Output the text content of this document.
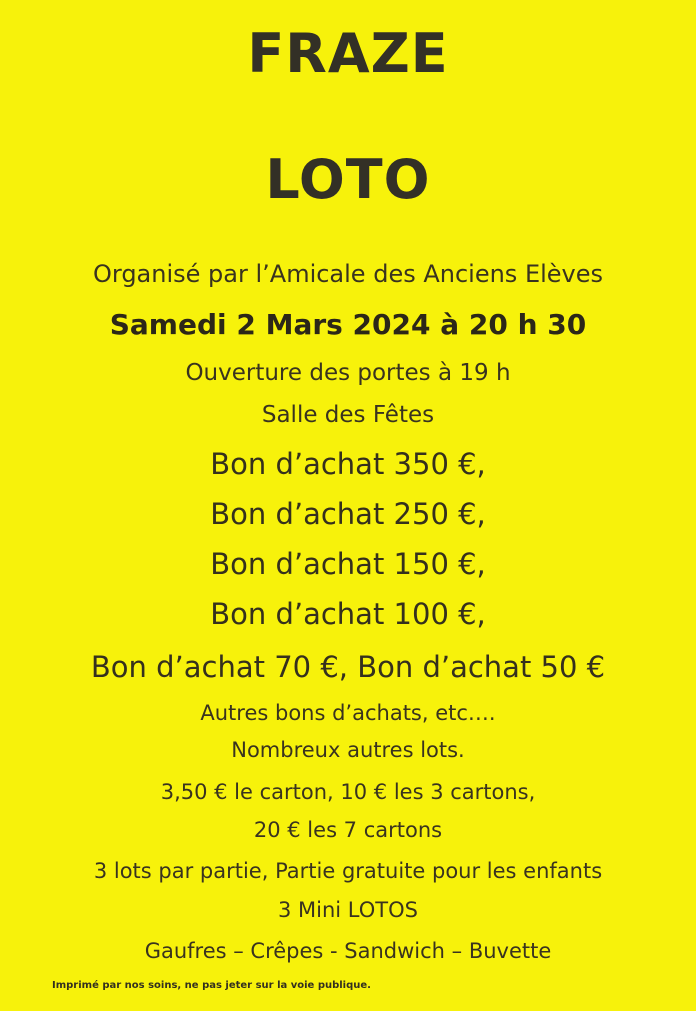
FRAZE
LOTO
Organisé par l’Amicale des Anciens Elèves
Samedi 2 Mars 2024 à 20 h 30
Ouverture des portes à 19 h
Salle des Fêtes
Bon d’achat 350 €,
Bon d’achat 250 €,
Bon d’achat 150 €,
Bon d’achat 100 €,
Bon d’achat 70 €, Bon d’achat 50 €
Autres bons d’achats, etc….
Nombreux autres lots.
3,50 € le carton, 10 € les 3 cartons,
20 € les 7 cartons
3 lots par partie, Partie gratuite pour les enfants
3 Mini LOTOS
Gaufres – Crêpes - Sandwich – Buvette
Imprimé par nos soins, ne pas jeter sur la voie publique.
